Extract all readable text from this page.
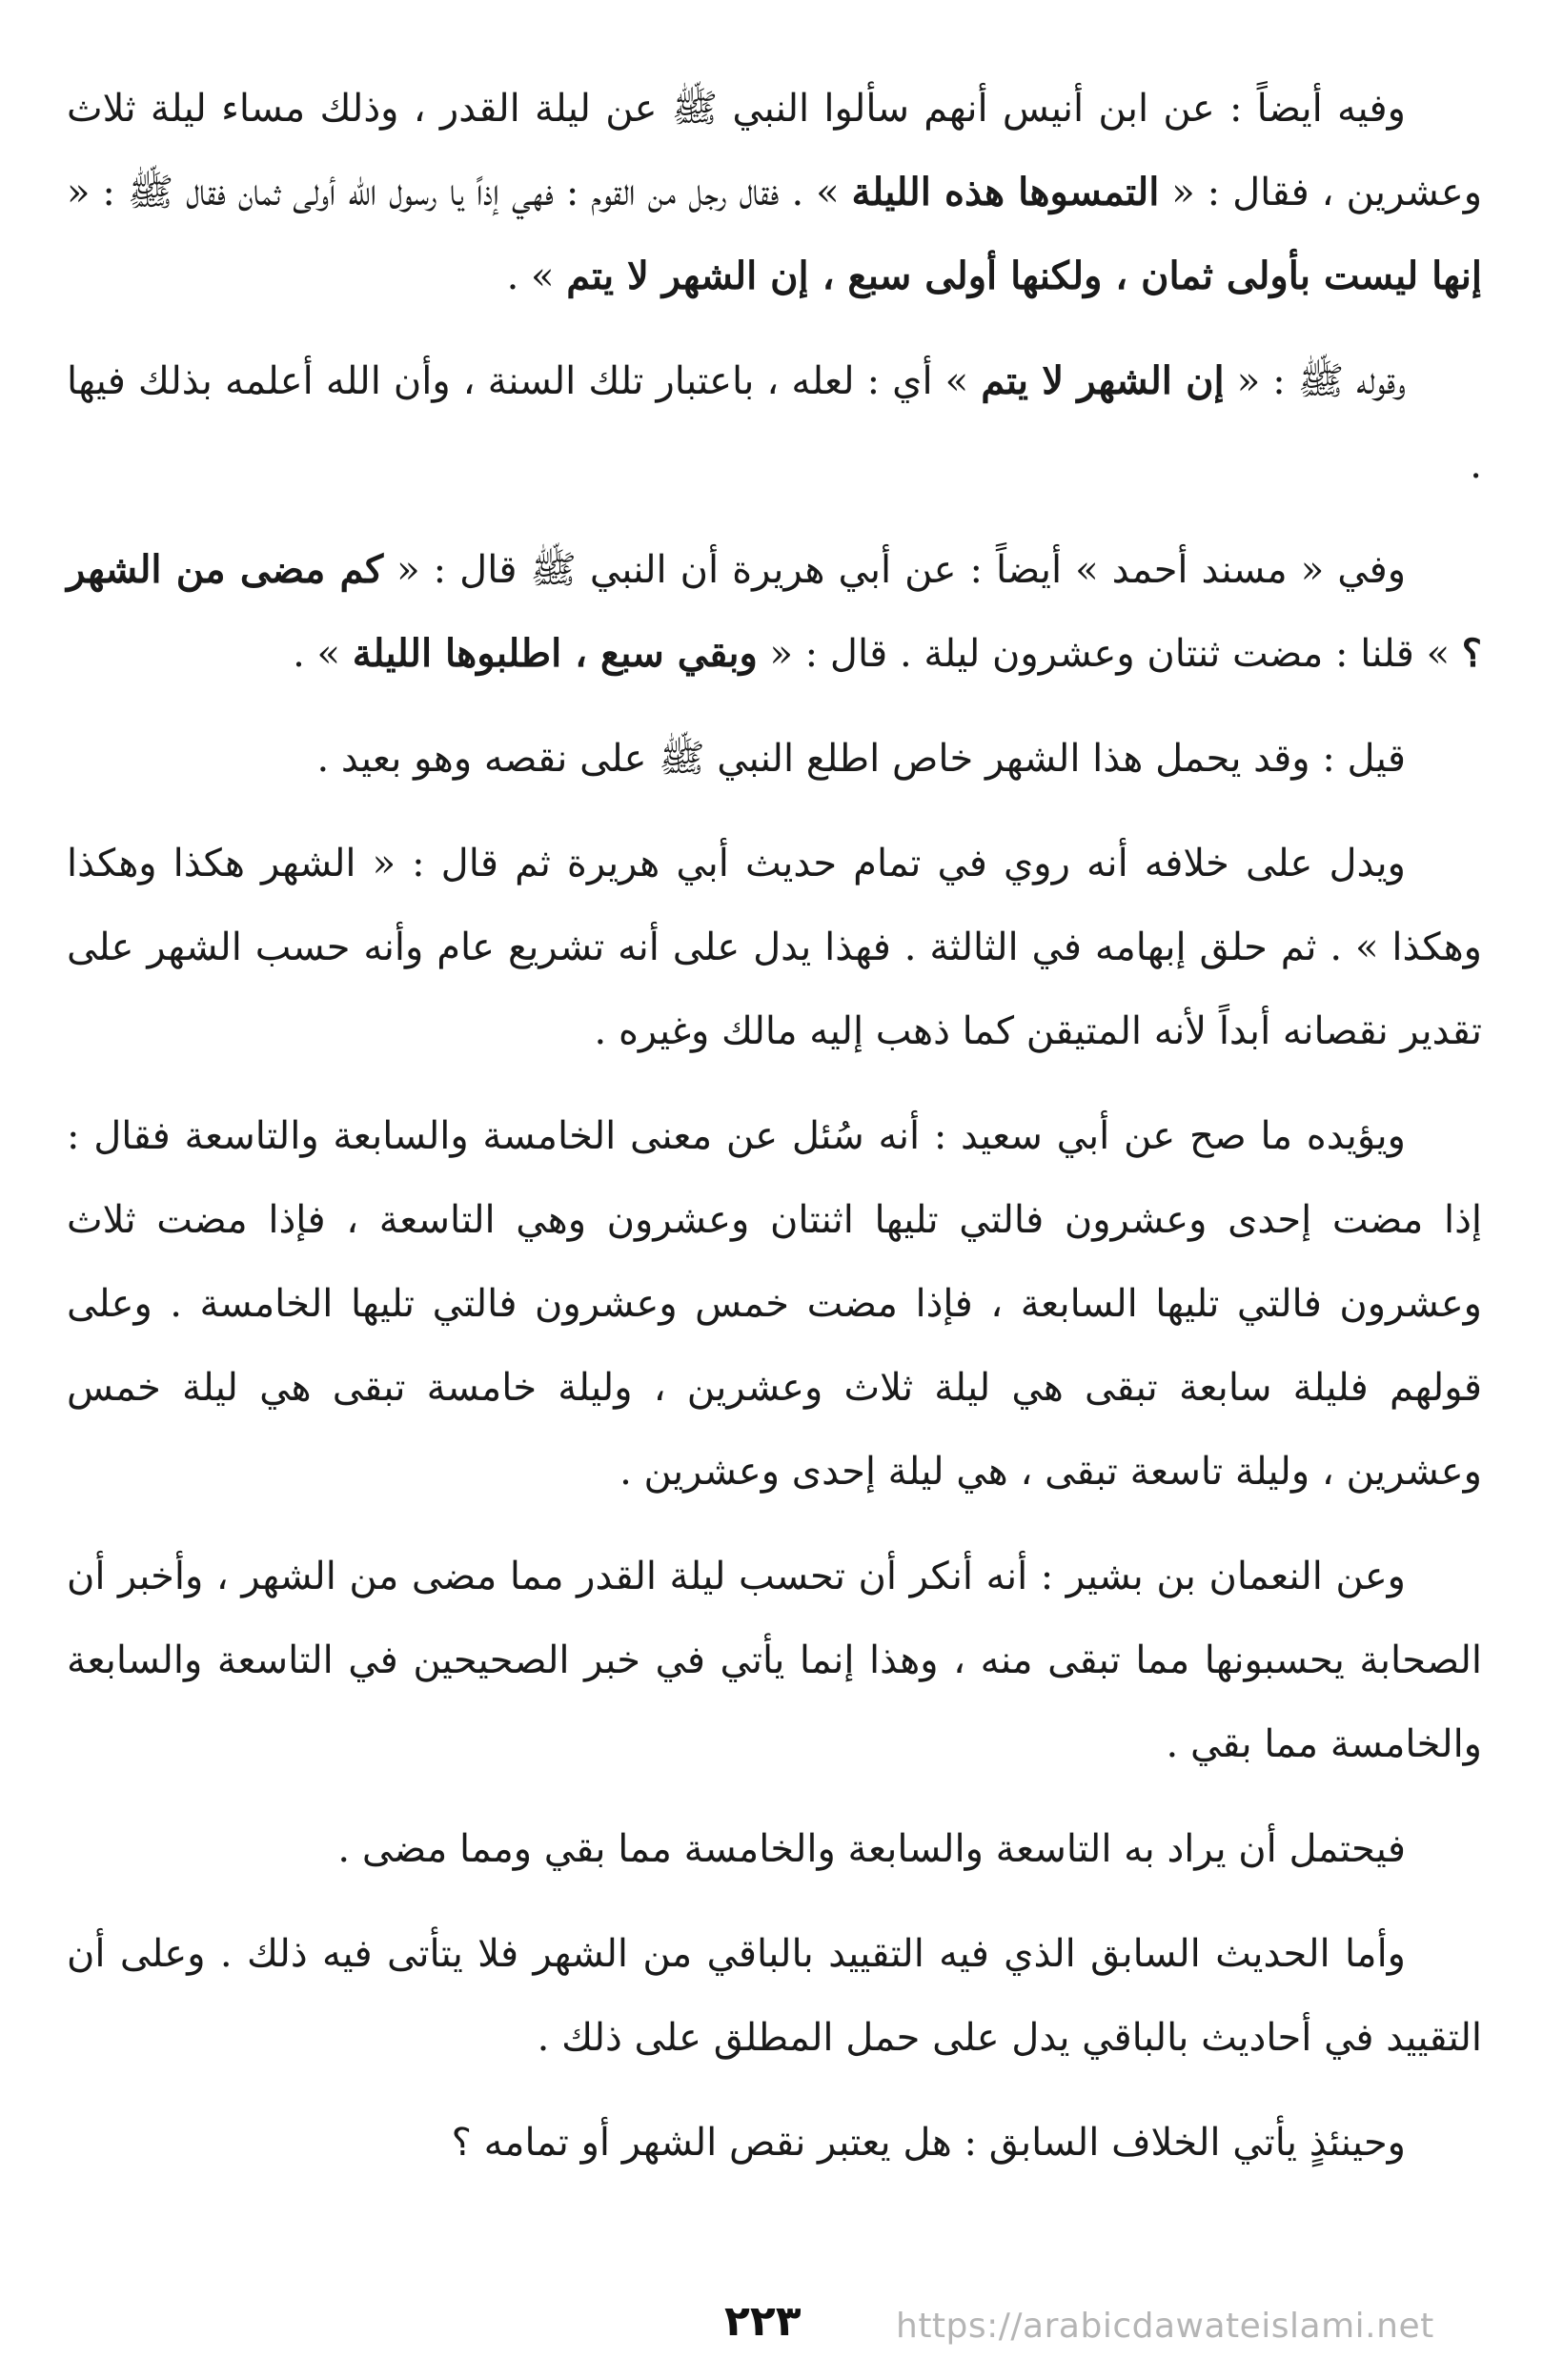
وفيه أيضاً : عن ابن أنيس أنهم سألوا النبي ﷺ عن ليلة القدر ، وذلك مساء ليلة ثلاث وعشرين ، فقال : « التمسوها هذه الليلة » . فقال رجل من القوم : فهي إذاً يا رسول الله أولى ثمان فقال ﷺ : « إنها ليست بأولى ثمان ، ولكنها أولى سبع ، إن الشهر لا يتم » .

وقوله ﷺ : « إن الشهر لا يتم » أي : لعله ، باعتبار تلك السنة ، وأن الله أعلمه بذلك فيها .

وفي « مسند أحمد » أيضاً : عن أبي هريرة أن النبي ﷺ قال : « كم مضى من الشهر ؟ » قلنا : مضت ثنتان وعشرون ليلة . قال : « وبقي سبع ، اطلبوها الليلة » .

قيل : وقد يحمل هذا الشهر خاص اطلع النبي ﷺ على نقصه وهو بعيد .

ويدل على خلافه أنه روي في تمام حديث أبي هريرة ثم قال : « الشهر هكذا وهكذا وهكذا » . ثم حلق إبهامه في الثالثة . فهذا يدل على أنه تشريع عام وأنه حسب الشهر على تقدير نقصانه أبداً لأنه المتيقن كما ذهب إليه مالك وغيره .

ويؤيده ما صح عن أبي سعيد : أنه سُئل عن معنى الخامسة والسابعة والتاسعة فقال : إذا مضت إحدى وعشرون فالتي تليها اثنتان وعشرون وهي التاسعة ، فإذا مضت ثلاث وعشرون فالتي تليها السابعة ، فإذا مضت خمس وعشرون فالتي تليها الخامسة . وعلى قولهم فليلة سابعة تبقى هي ليلة ثلاث وعشرين ، وليلة خامسة تبقى هي ليلة خمس وعشرين ، وليلة تاسعة تبقى ، هي ليلة إحدى وعشرين .

وعن النعمان بن بشير : أنه أنكر أن تحسب ليلة القدر مما مضى من الشهر ، وأخبر أن الصحابة يحسبونها مما تبقى منه ، وهذا إنما يأتي في خبر الصحيحين في التاسعة والسابعة والخامسة مما بقي .

فيحتمل أن يراد به التاسعة والسابعة والخامسة مما بقي ومما مضى .

وأما الحديث السابق الذي فيه التقييد بالباقي من الشهر فلا يتأتى فيه ذلك . وعلى أن التقييد في أحاديث بالباقي يدل على حمل المطلق على ذلك .

وحينئذٍ يأتي الخلاف السابق : هل يعتبر نقص الشهر أو تمامه ؟

٢٢٣	https://arabicdawateislami.net
